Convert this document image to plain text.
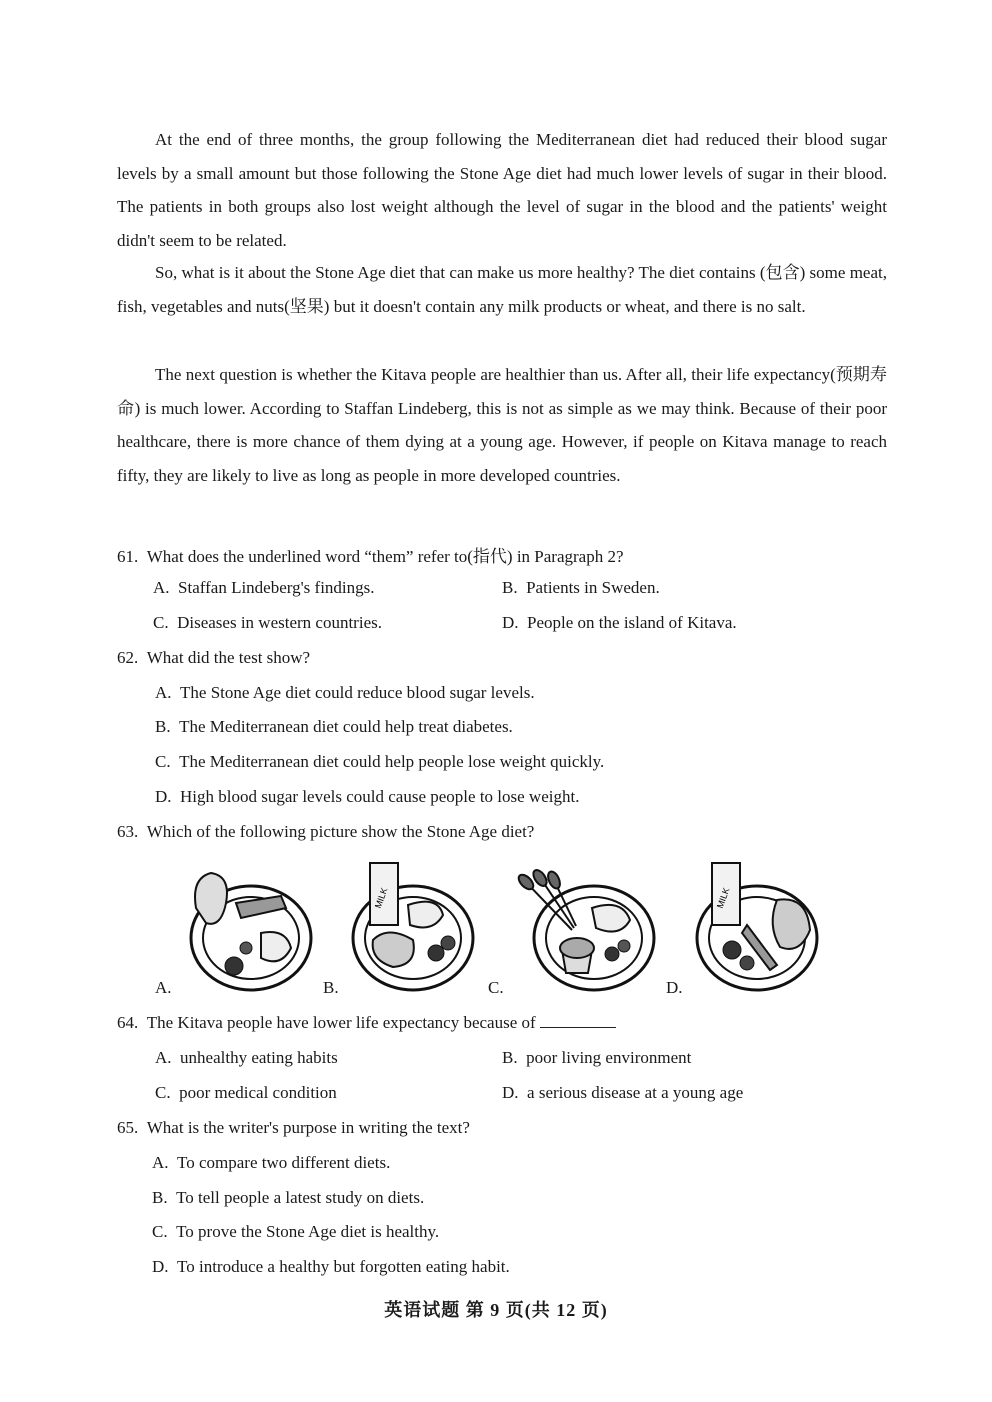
At the end of three months, the group following the Mediterranean diet had reduced their blood sugar levels by a small amount but those following the Stone Age diet had much lower levels of sugar in their blood. The patients in both groups also lost weight although the level of sugar in the blood and the patients' weight didn't seem to be related.
So, what is it about the Stone Age diet that can make us more healthy? The diet contains (包含) some meat, fish, vegetables and nuts(坚果) but it doesn't contain any milk products or wheat, and there is no salt.
The next question is whether the Kitava people are healthier than us. After all, their life expectancy(预期寿命) is much lower. According to Staffan Lindeberg, this is not as simple as we may think. Because of their poor healthcare, there is more chance of them dying at a young age. However, if people on Kitava manage to reach fifty, they are likely to live as long as people in more developed countries.
61. What does the underlined word “them” refer to(指代) in Paragraph 2?
A. Staffan Lindeberg's findings.	B. Patients in Sweden.
C. Diseases in western countries.	D. People on the island of Kitava.
62. What did the test show?
A. The Stone Age diet could reduce blood sugar levels.
B. The Mediterranean diet could help treat diabetes.
C. The Mediterranean diet could help people lose weight quickly.
D. High blood sugar levels could cause people to lose weight.
63. Which of the following picture show the Stone Age diet?
A.	B.
MILK
C.	D.
MILK
64. The Kitava people have lower life expectancy because of
A. unhealthy eating habits	B. poor living environment
C. poor medical condition	D. a serious disease at a young age
65. What is the writer's purpose in writing the text?
A. To compare two different diets.
B. To tell people a latest study on diets.
C. To prove the Stone Age diet is healthy.
D. To introduce a healthy but forgotten eating habit.
英语试题 第 9 页(共 12 页)
